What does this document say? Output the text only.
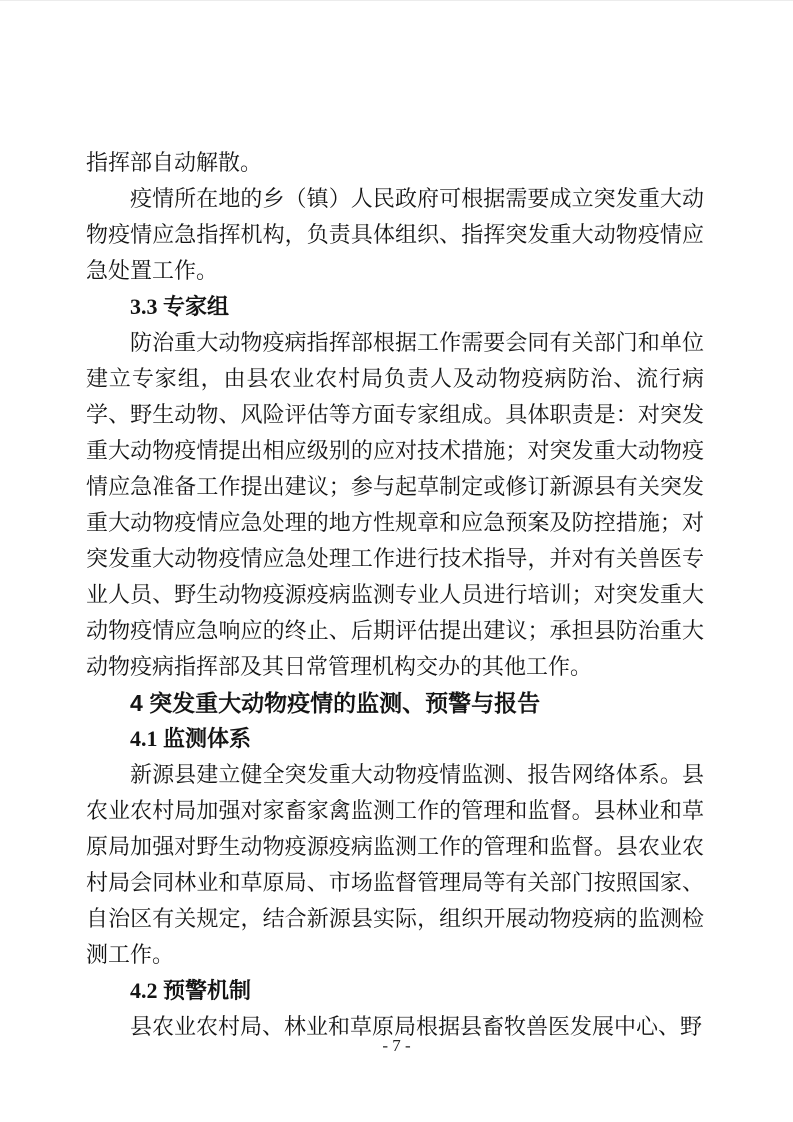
指挥部自动解散。

疫情所在地的乡（镇）人民政府可根据需要成立突发重大动物疫情应急指挥机构，负责具体组织、指挥突发重大动物疫情应急处置工作。

3.3 专家组

防治重大动物疫病指挥部根据工作需要会同有关部门和单位建立专家组，由县农业农村局负责人及动物疫病防治、流行病学、野生动物、风险评估等方面专家组成。具体职责是：对突发重大动物疫情提出相应级别的应对技术措施；对突发重大动物疫情应急准备工作提出建议；参与起草制定或修订新源县有关突发重大动物疫情应急处理的地方性规章和应急预案及防控措施；对突发重大动物疫情应急处理工作进行技术指导，并对有关兽医专业人员、野生动物疫源疫病监测专业人员进行培训；对突发重大动物疫情应急响应的终止、后期评估提出建议；承担县防治重大动物疫病指挥部及其日常管理机构交办的其他工作。

4 突发重大动物疫情的监测、预警与报告
4.1 监测体系

新源县建立健全突发重大动物疫情监测、报告网络体系。县农业农村局加强对家畜家禽监测工作的管理和监督。县林业和草原局加强对野生动物疫源疫病监测工作的管理和监督。县农业农村局会同林业和草原局、市场监督管理局等有关部门按照国家、自治区有关规定，结合新源县实际，组织开展动物疫病的监测检测工作。

4.2 预警机制

县农业农村局、林业和草原局根据县畜牧兽医发展中心、野

- 7 -
